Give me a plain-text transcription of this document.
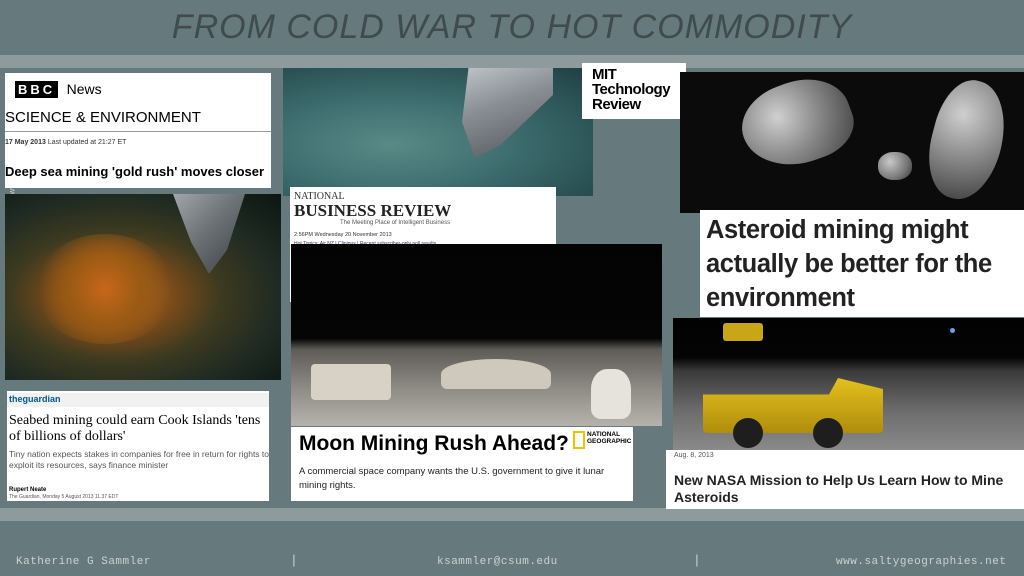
FROM COLD WAR TO HOT COMMODITY
BBC News
SCIENCE & ENVIRONMENT
17 May 2013 Last updated at 21:27 ET
Deep sea mining 'gold rush' moves closer
theguardian
Seabed mining could earn Cook Islands 'tens of billions of dollars'
Tiny nation expects stakes in companies for free in return for rights to exploit its resources, says finance minister
Rupert Neate
The Guardian, Monday 5 August 2013 11.37 EDT
MIT
Technology
Review
NATIONAL
BUSINESS REVIEW
The Meeting Place of Intelligent Business
2:56PM Wednesday 20 November 2013	Asteroid mining might actually be better for the environment
Moon Mining Rush Ahead?	NATIONAL
GEOGRAPHIC
A commercial space company wants the U.S. government to give it lunar mining rights.
Aug. 8, 2013
New NASA Mission to Help Us Learn How to Mine Asteroids
Katherine G Sammler	|	ksammler@csum.edu	|	www.saltygeographies.net
